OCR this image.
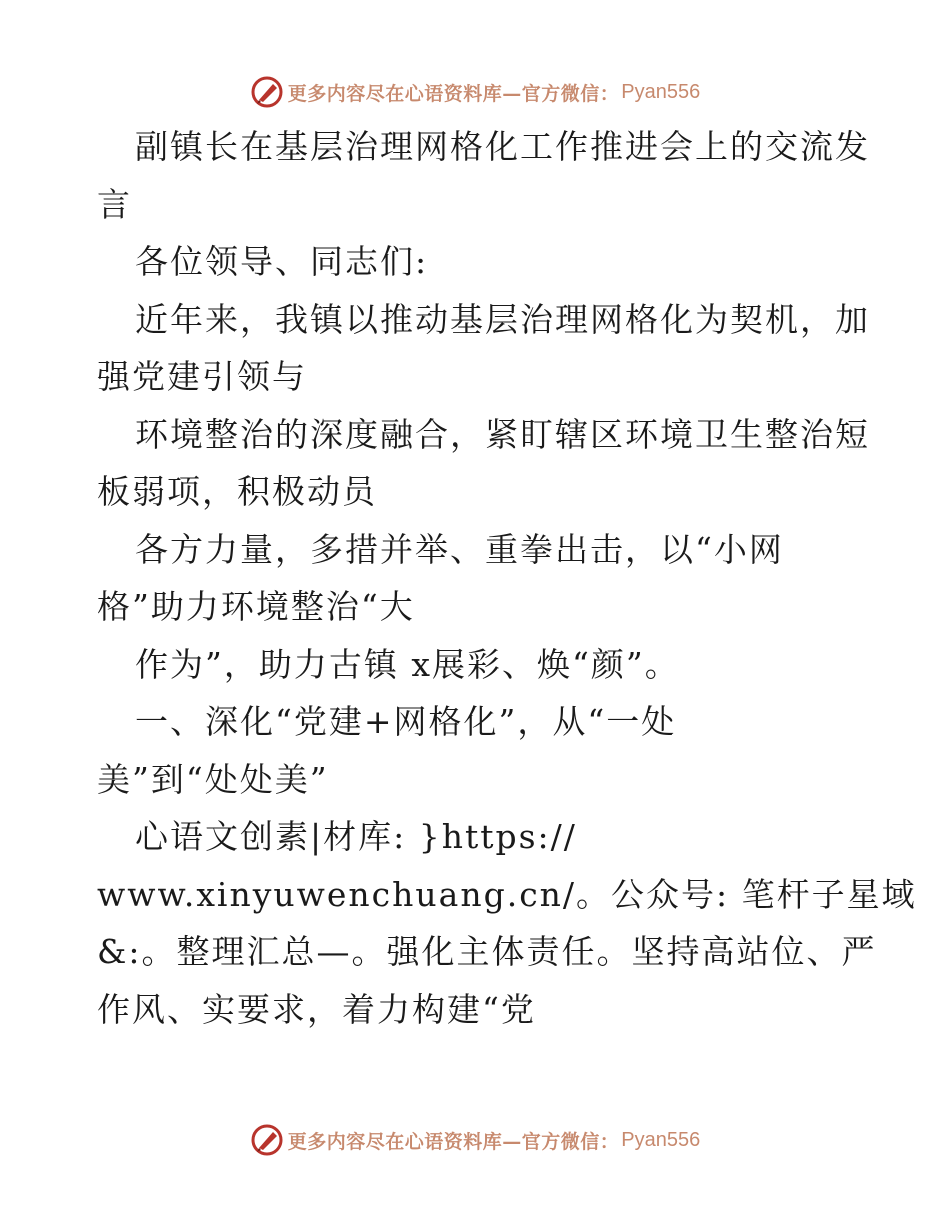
更多内容尽在心语资料库—官方微信： Pyan556
副镇长在基层治理网格化工作推进会上的交流发
言
各位领导、同志们:
近年来，我镇以推动基层治理网格化为契机，加
强党建引领与
环境整治的深度融合，紧盯辖区环境卫生整治短
板弱项，积极动员
各方力量，多措并举、重拳出击，以“小网
格”助力环境整治“大
作为”，助力古镇 x展彩、焕“颜”。
一、深化“党建+网格化”，从“一处
美”到“处处美”
心语文创素|材库: }https://
www.xinyuwenchuang.cn/。公众号: 笔杆子星域
&:。整理汇总—。强化主体责任。坚持高站位、严
作风、实要求，着力构建“党
更多内容尽在心语资料库—官方微信： Pyan556
